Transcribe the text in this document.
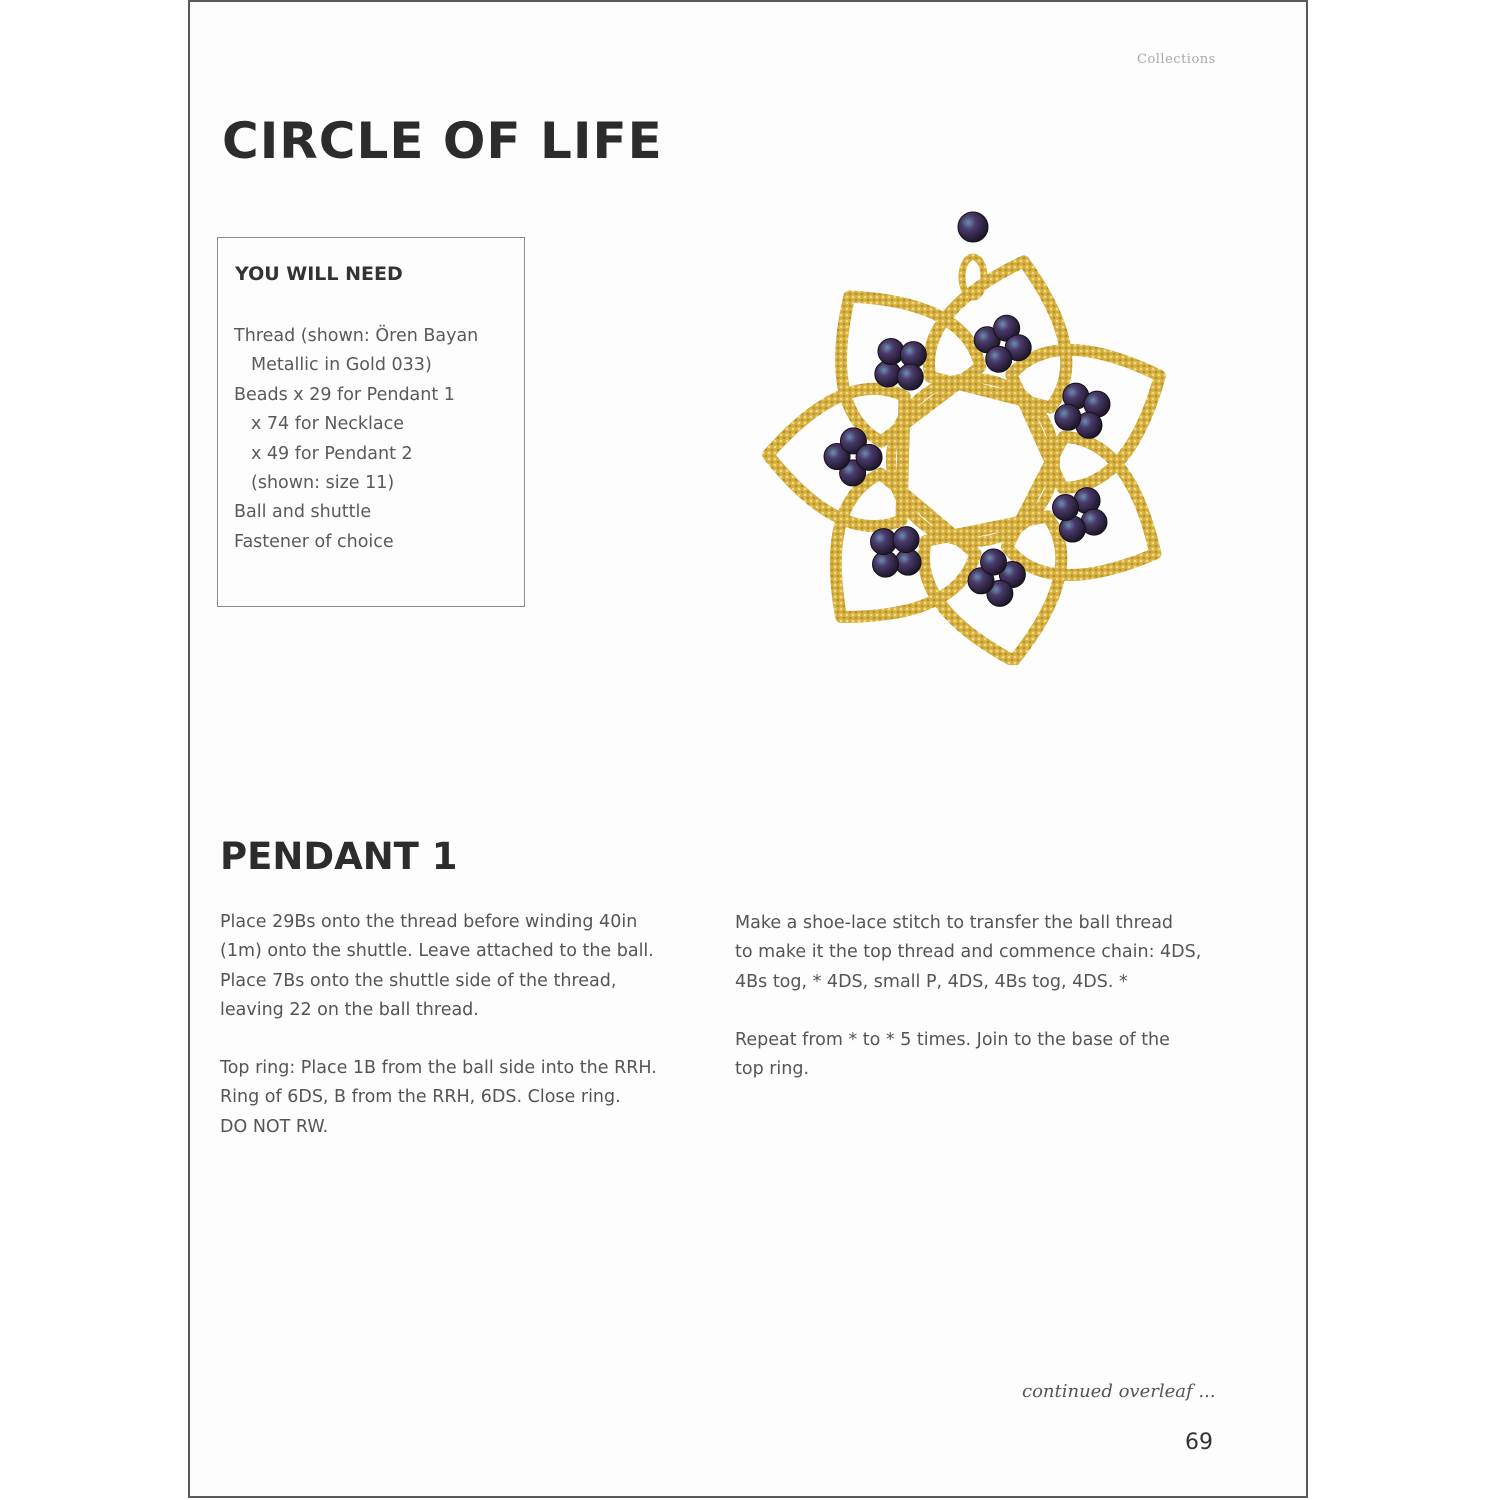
Collections
CIRCLE OF LIFE
YOU WILL NEED
Thread (shown: Ören Bayan
Metallic in Gold 033)
Beads x 29 for Pendant 1
x 74 for Necklace
x 49 for Pendant 2
(shown: size 11)
Ball and shuttle
Fastener of choice
PENDANT 1

Place 29Bs onto the thread before winding 40in
(1m) onto the shuttle. Leave attached to the ball.
Place 7Bs onto the shuttle side of the thread,
leaving 22 on the ball thread.

Top ring: Place 1B from the ball side into the RRH.
Ring of 6DS, B from the RRH, 6DS. Close ring.
DO NOT RW.

Make a shoe-lace stitch to transfer the ball thread
to make it the top thread and commence chain: 4DS,
4Bs tog, * 4DS, small P, 4DS, 4Bs tog, 4DS. *

Repeat from * to * 5 times. Join to the base of the
top ring.

continued overleaf ...
69
